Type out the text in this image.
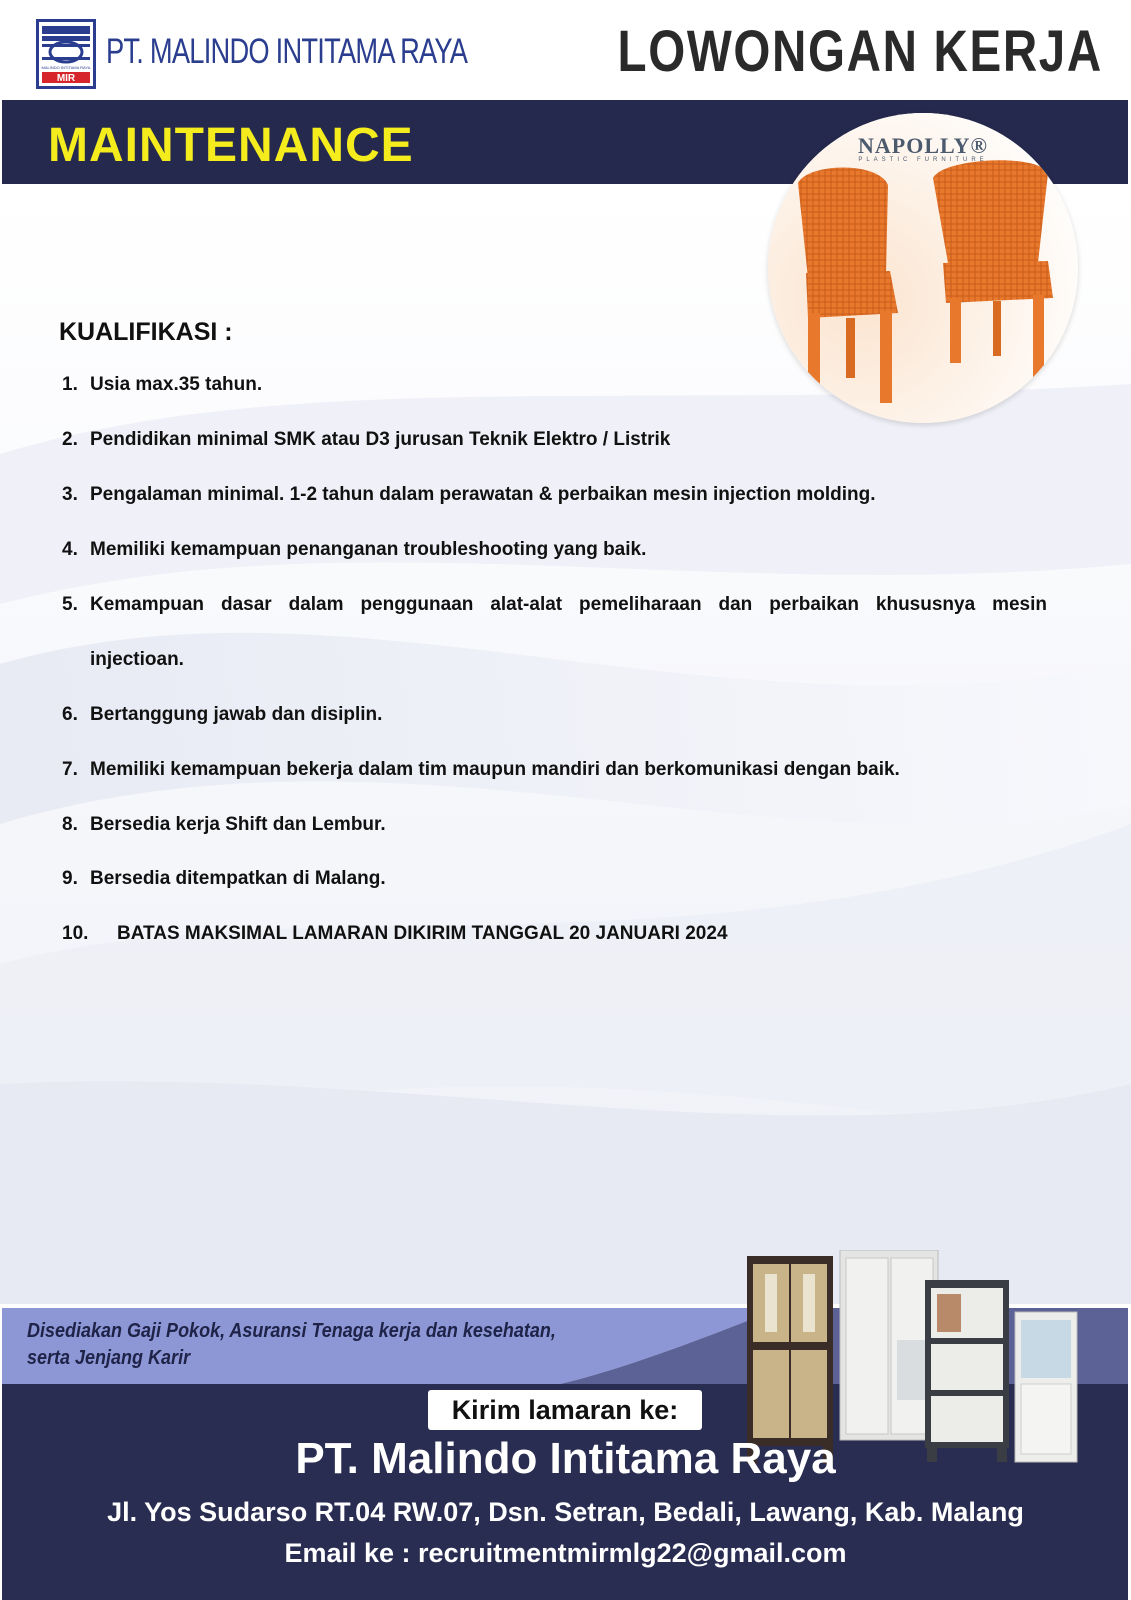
MALINDO INTITAMA RAYA
MIR
PT. MALINDO INTITAMA RAYA	LOWONGAN KERJA
MAINTENANCE	NAPOLLY®
PLASTIC FURNITURE
KUALIFIKASI :
1. Usia max.35 tahun.
2. Pendidikan minimal SMK atau D3 jurusan Teknik Elektro / Listrik
3. Pengalaman minimal. 1-2 tahun dalam perawatan & perbaikan mesin injection molding.
4. Memiliki kemampuan penanganan troubleshooting yang baik.
5. Kemampuan dasar dalam penggunaan alat-alat pemeliharaan dan perbaikan khususnya mesin
injectioan.
6. Bertanggung jawab dan disiplin.
7. Memiliki kemampuan bekerja dalam tim maupun mandiri dan berkomunikasi dengan baik.
8. Bersedia kerja Shift dan Lembur.
9. Bersedia ditempatkan di Malang.
10. BATAS MAKSIMAL LAMARAN DIKIRIM TANGGAL 20 JANUARI 2024
Disediakan Gaji Pokok, Asuransi Tenaga kerja dan kesehatan,
serta Jenjang Karir
Kirim lamaran ke:
PT. Malindo Intitama Raya
Jl. Yos Sudarso RT.04 RW.07, Dsn. Setran, Bedali, Lawang, Kab. Malang
Email ke : recruitmentmirmlg22@gmail.com
